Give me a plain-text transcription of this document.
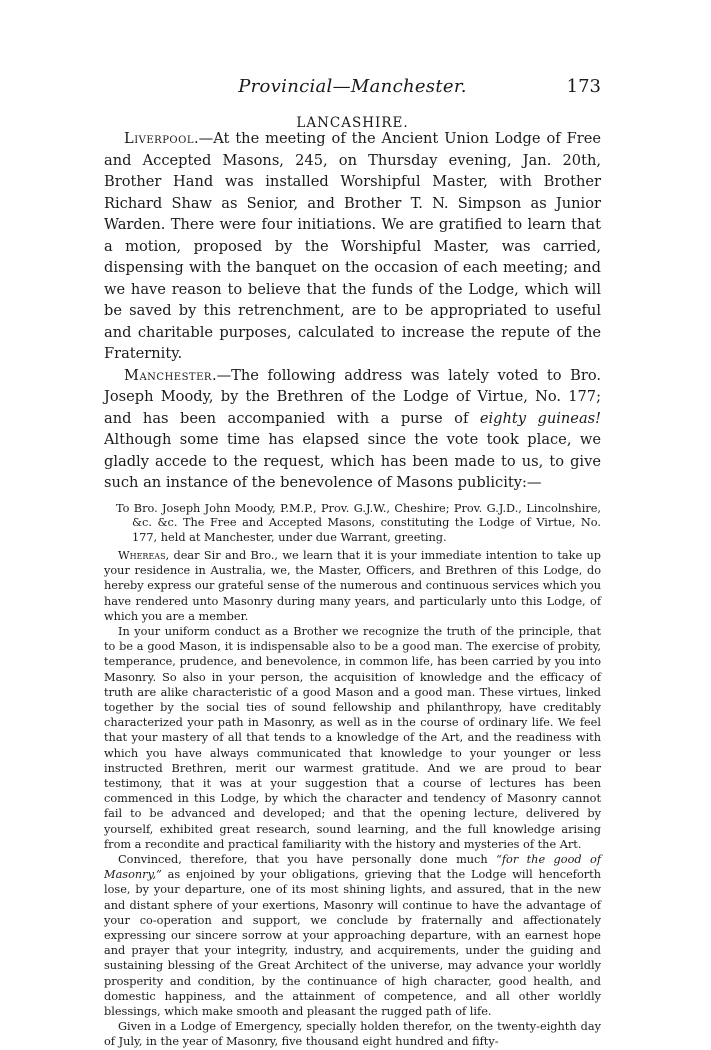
Provincial—Manchester.	173
LANCASHIRE.

Liverpool.—At the meeting of the Ancient Union Lodge of Free and Accepted Masons, 245, on Thursday evening, Jan. 20th, Brother Hand was installed Worshipful Master, with Brother Richard Shaw as Senior, and Brother T. N. Simpson as Junior Warden. There were four initiations. We are gratified to learn that a motion, proposed by the Worshipful Master, was carried, dispensing with the banquet on the occasion of each meeting; and we have reason to believe that the funds of the Lodge, which will be saved by this retrenchment, are to be appropriated to useful and charitable purposes, calculated to increase the repute of the Fraternity.

Manchester.—The following address was lately voted to Bro. Joseph Moody, by the Brethren of the Lodge of Virtue, No. 177; and has been accompanied with a purse of eighty guineas! Although some time has elapsed since the vote took place, we gladly accede to the request, which has been made to us, to give such an instance of the benevolence of Masons publicity:—

To Bro. Joseph John Moody, P.M.P., Prov. G.J.W., Cheshire; Prov. G.J.D., Lincolnshire, &c. &c. The Free and Accepted Masons, constituting the Lodge of Virtue, No. 177, held at Manchester, under due Warrant, greeting.

Whereas, dear Sir and Bro., we learn that it is your immediate intention to take up your residence in Australia, we, the Master, Officers, and Brethren of this Lodge, do hereby express our grateful sense of the numerous and continuous services which you have rendered unto Masonry during many years, and particularly unto this Lodge, of which you are a member.

In your uniform conduct as a Brother we recognize the truth of the principle, that to be a good Mason, it is indispensable also to be a good man. The exercise of probity, temperance, prudence, and benevolence, in common life, has been carried by you into Masonry. So also in your person, the acquisition of knowledge and the efficacy of truth are alike characteristic of a good Mason and a good man. These virtues, linked together by the social ties of sound fellowship and philanthropy, have creditably characterized your path in Masonry, as well as in the course of ordinary life. We feel that your mastery of all that tends to a knowledge of the Art, and the readiness with which you have always communicated that knowledge to your younger or less instructed Brethren, merit our warmest gratitude. And we are proud to bear testimony, that it was at your suggestion that a course of lectures has been commenced in this Lodge, by which the character and tendency of Masonry cannot fail to be advanced and developed; and that the opening lecture, delivered by yourself, exhibited great research, sound learning, and the full knowledge arising from a recondite and practical familiarity with the history and mysteries of the Art.

Convinced, therefore, that you have personally done much “for the good of Masonry,” as enjoined by your obligations, grieving that the Lodge will henceforth lose, by your departure, one of its most shining lights, and assured, that in the new and distant sphere of your exertions, Masonry will continue to have the advantage of your co-operation and support, we conclude by fraternally and affectionately expressing our sincere sorrow at your approaching departure, with an earnest hope and prayer that your integrity, industry, and acquirements, under the guiding and sustaining blessing of the Great Architect of the universe, may advance your worldly prosperity and condition, by the continuance of high character, good health, and domestic happiness, and the attainment of competence, and all other worldly blessings, which make smooth and pleasant the rugged path of life.

Given in a Lodge of Emergency, specially holden therefor, on the twenty-eighth day of July, in the year of Masonry, five thousand eight hundred and fifty-
